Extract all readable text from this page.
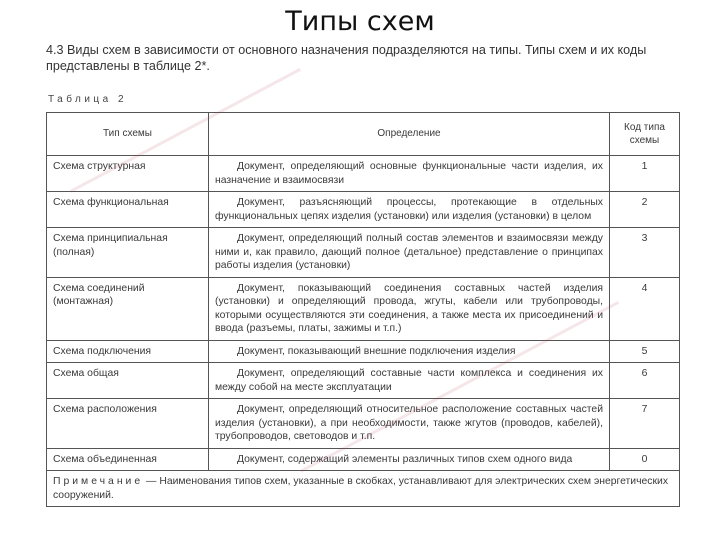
Типы схем
4.3 Виды схем в зависимости от основного назначения подразделяются на типы. Типы схем и их коды представлены в таблице 2*.
Таблица 2
Тип схемы	Определение	Код типа схемы
Схема структурная	Документ, определяющий основные функциональные части изделия, их назначение и взаимосвязи	1
Схема функциональная	Документ, разъясняющий процессы, протекающие в отдельных функциональных цепях изделия (установки) или изделия (установки) в целом	2
Схема принципиальная (полная)	Документ, определяющий полный состав элементов и взаимосвязи между ними и, как правило, дающий полное (детальное) представление о принципах работы изделия (установки)	3
Схема соединений (монтажная)	Документ, показывающий соединения составных частей изделия (установки) и определяющий провода, жгуты, кабели или трубопроводы, которыми осуществляются эти соединения, а также места их присоединений и ввода (разъемы, платы, зажимы и т.п.)	4
Схема подключения	Документ, показывающий внешние подключения изделия	5
Схема общая	Документ, определяющий составные части комплекса и соединения их между собой на месте эксплуатации	6
Схема расположения	Документ, определяющий относительное расположение составных частей изделия (установки), а при необходимости, также жгутов (проводов, кабелей), трубопроводов, световодов и т.п.	7
Схема объединенная	Документ, содержащий элементы различных типов схем одного вида	0
Примечание — Наименования типов схем, указанные в скобках, устанавливают для электрических схем энергетических сооружений.		
